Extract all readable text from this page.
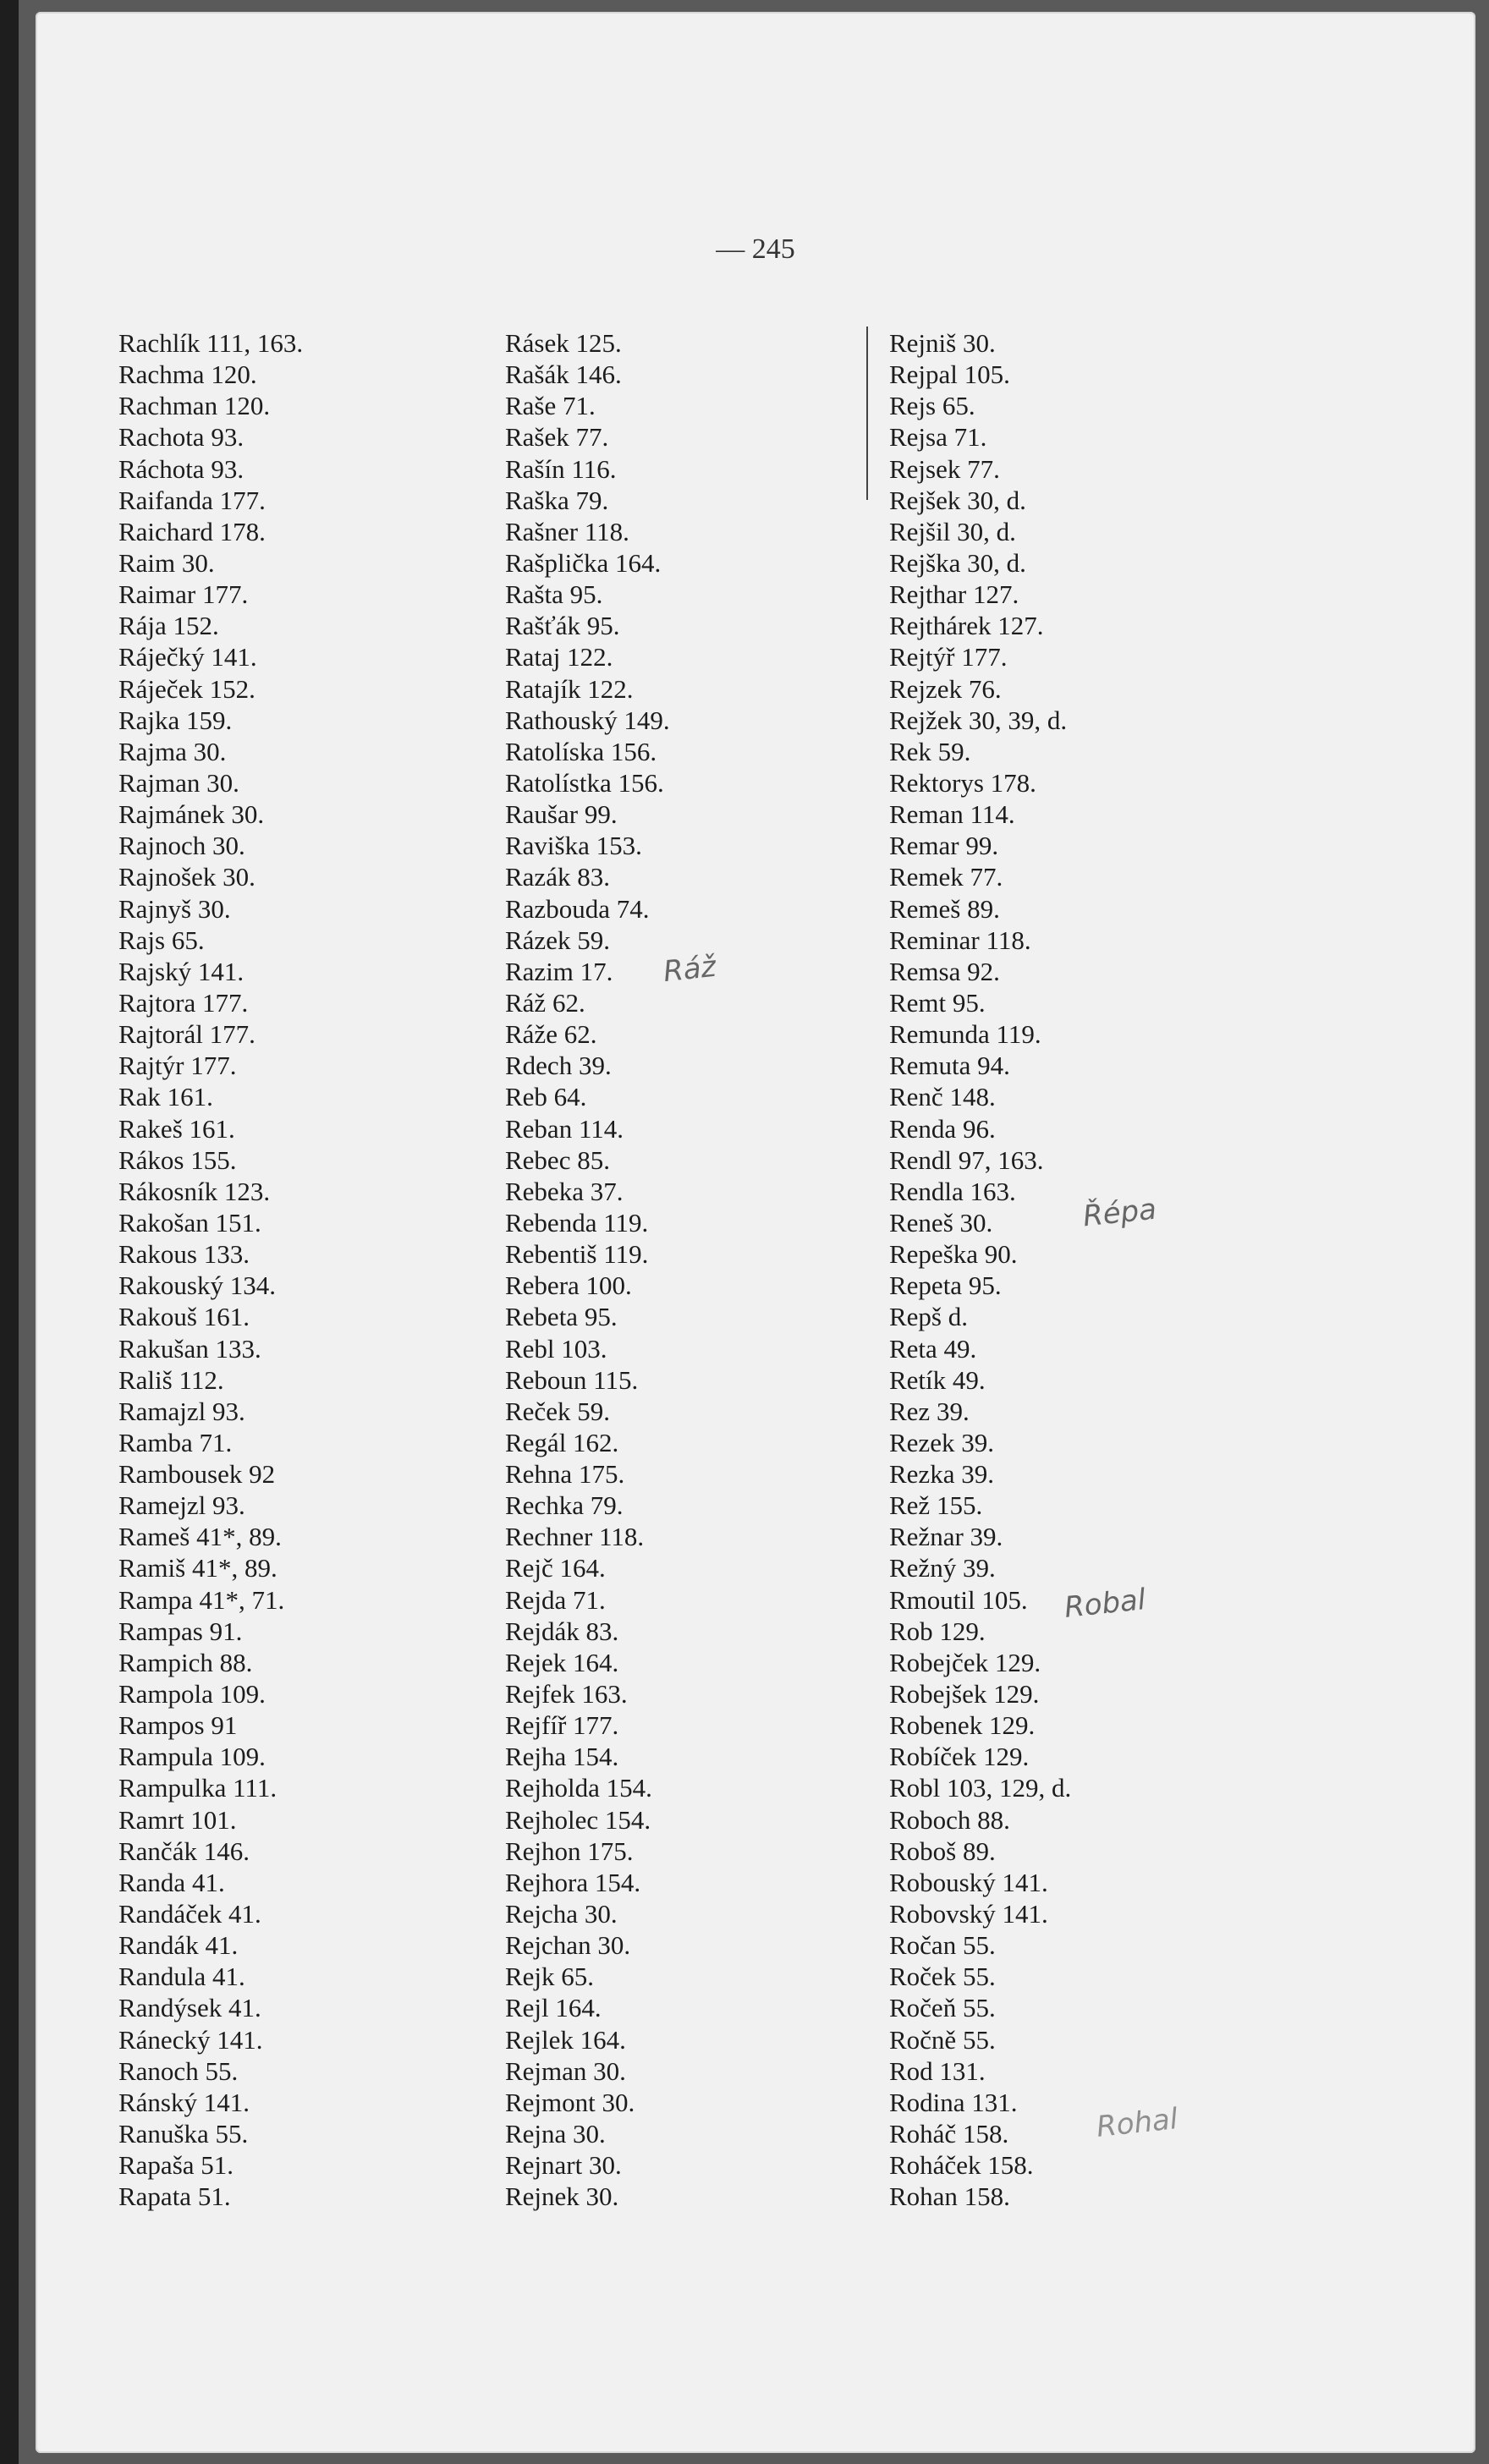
— 245
Rachlík 111, 163.
Rachma 120.
Rachman 120.
Rachota 93.
Ráchota 93.
Raifanda 177.
Raichard 178.
Raim 30.
Raimar 177.
Rája 152.
Ráječký 141.
Ráječek 152.
Rajka 159.
Rajma 30.
Rajman 30.
Rajmánek 30.
Rajnoch 30.
Rajnošek 30.
Rajnyš 30.
Rajs 65.
Rajský 141.
Rajtora 177.
Rajtorál 177.
Rajtýr 177.
Rak 161.
Rakeš 161.
Rákos 155.
Rákosník 123.
Rakošan 151.
Rakous 133.
Rakouský 134.
Rakouš 161.
Rakušan 133.
Rališ 112.
Ramajzl 93.
Ramba 71.
Rambousek 92
Ramejzl 93.
Rameš 41*, 89.
Ramiš 41*, 89.
Rampa 41*, 71.
Rampas 91.
Rampich 88.
Rampola 109.
Rampos 91
Rampula 109.
Rampulka 111.
Ramrt 101.
Rančák 146.
Randa 41.
Randáček 41.
Randák 41.
Randula 41.
Randýsek 41.
Ránecký 141.
Ranoch 55.
Ránský 141.
Ranuška 55.
Rapaša 51.
Rapata 51.
Rásek 125.
Rašák 146.
Raše 71.
Rašek 77.
Rašín 116.
Raška 79.
Rašner 118.
Rašplička 164.
Rašta 95.
Rašťák 95.
Rataj 122.
Ratajík 122.
Rathouský 149.
Ratolíska 156.
Ratolístka 156.
Raušar 99.
Raviška 153.
Razák 83.
Razbouda 74.
Rázek 59.
Razim 17.
Ráž 62.
Ráže 62.
Rdech 39.
Reb 64.
Reban 114.
Rebec 85.
Rebeka 37.
Rebenda 119.
Rebentiš 119.
Rebera 100.
Rebeta 95.
Rebl 103.
Reboun 115.
Reček 59.
Regál 162.
Rehna 175.
Rechka 79.
Rechner 118.
Rejč 164.
Rejda 71.
Rejdák 83.
Rejek 164.
Rejfek 163.
Rejfíř 177.
Rejha 154.
Rejholda 154.
Rejholec 154.
Rejhon 175.
Rejhora 154.
Rejcha 30.
Rejchan 30.
Rejk 65.
Rejl 164.
Rejlek 164.
Rejman 30.
Rejmont 30.
Rejna 30.
Rejnart 30.
Rejnek 30.
Rejniš 30.
Rejpal 105.
Rejs 65.
Rejsa 71.
Rejsek 77.
Rejšek 30, d.
Rejšil 30, d.
Rejška 30, d.
Rejthar 127.
Rejthárek 127.
Rejtýř 177.
Rejzek 76.
Rejžek 30, 39, d.
Rek 59.
Rektorys 178.
Reman 114.
Remar 99.
Remek 77.
Remeš 89.
Reminar 118.
Remsa 92.
Remt 95.
Remunda 119.
Remuta 94.
Renč 148.
Renda 96.
Rendl 97, 163.
Rendla 163.
Reneš 30.
Repeška 90.
Repeta 95.
Repš d.
Reta 49.
Retík 49.
Rez 39.
Rezek 39.
Rezka 39.
Rež 155.
Režnar 39.
Režný 39.
Rmoutil 105.
Rob 129.
Robejček 129.
Robejšek 129.
Robenek 129.
Robíček 129.
Robl 103, 129, d.
Roboch 88.
Roboš 89.
Robouský 141.
Robovský 141.
Ročan 55.
Roček 55.
Ročeň 55.
Ročně 55.
Rod 131.
Rodina 131.
Roháč 158.
Roháček 158.
Rohan 158.
Ráž
Řépa
Robal
Rohal
